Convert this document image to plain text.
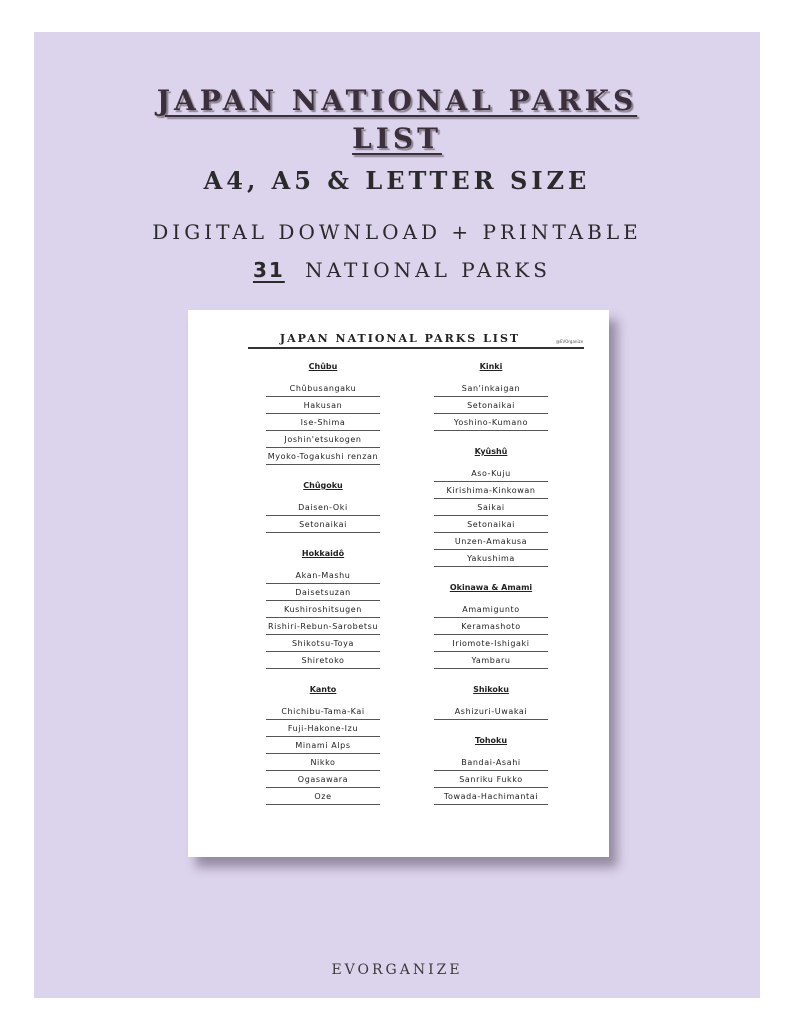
JAPAN NATIONAL PARKS
LIST
A4, A5 & LETTER SIZE
DIGITAL DOWNLOAD + PRINTABLE
31 NATIONAL PARKS
JAPAN NATIONAL PARKS LIST	@EVOrganize
Chûbu
Chûbusangaku
Hakusan
Ise-Shima
Joshin'etsukogen
Myoko-Togakushi renzan
Chûgoku
Daisen-Oki
Setonaikai
Hokkaidô
Akan-Mashu
Daisetsuzan
Kushiroshitsugen
Rishiri-Rebun-Sarobetsu
Shikotsu-Toya
Shiretoko
Kanto
Chichibu-Tama-Kai
Fuji-Hakone-Izu
Minami Alps
Nikko
Ogasawara
Oze
Kinki
San'inkaigan
Setonaikai
Yoshino-Kumano
Kyûshû
Aso-Kuju
Kirishima-Kinkowan
Saikai
Setonaikai
Unzen-Amakusa
Yakushima
Okinawa & Amami
Amamigunto
Keramashoto
Iriomote-Ishigaki
Yambaru
Shikoku
Ashizuri-Uwakai
Tohoku
Bandai-Asahi
Sanriku Fukko
Towada-Hachimantai
EVORGANIZE
